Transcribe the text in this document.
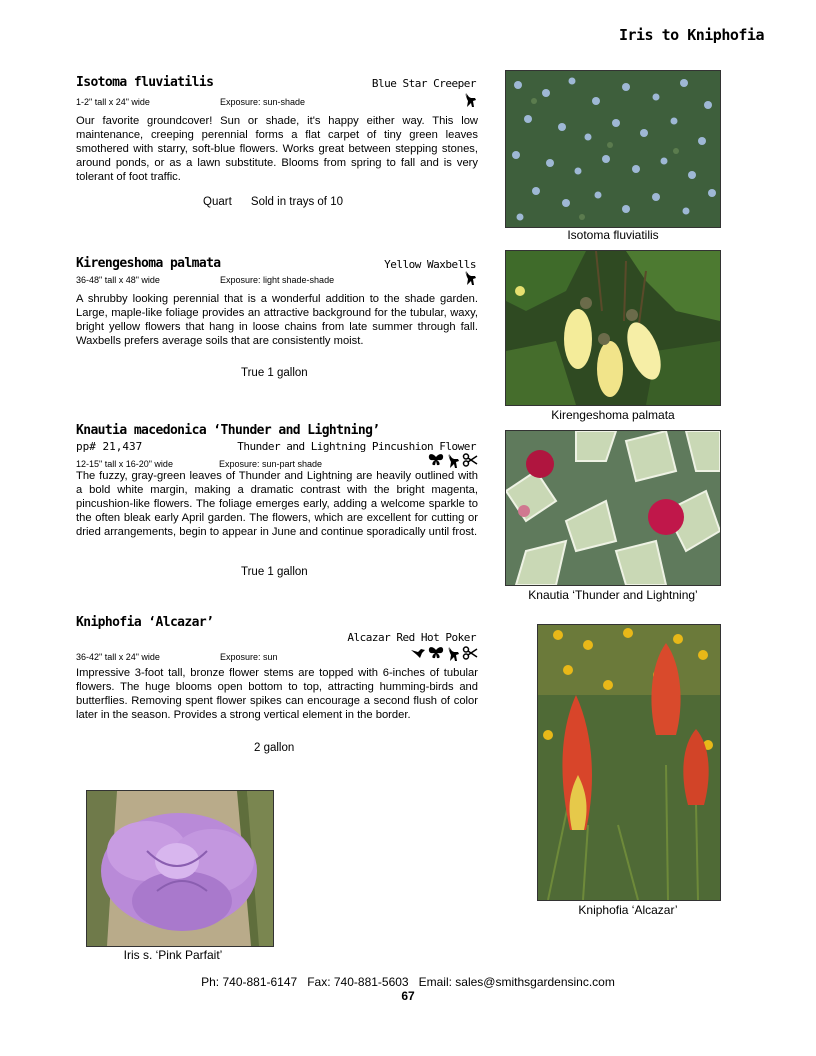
Iris to Kniphofia
Isotoma fluviatilis	Blue Star Creeper
1-2" tall x 24" wide	Exposure: sun-shade
Our favorite groundcover! Sun or shade, it's happy either way. This low maintenance, creeping perennial forms a flat carpet of tiny green leaves smothered with starry, soft-blue flowers. Works great between stepping stones, around ponds, or as a lawn substitute. Blooms from spring to fall and is very tolerant of foot traffic.
Quart      Sold in trays of 10
Isotoma fluviatilis
Kirengeshoma palmata	Yellow Waxbells
36-48" tall x 48" wide	Exposure: light shade-shade
A shrubby looking perennial that is a wonderful addition to the shade garden. Large, maple-like foliage provides an attractive background for the tubular, waxy, bright yellow flowers that hang in loose chains from late summer through fall. Waxbells prefers average soils that are consistently moist.
True 1 gallon
Kirengeshoma palmata
Knautia macedonica ‘Thunder and Lightning’
pp# 21,437	Thunder and Lightning Pincushion Flower
12-15" tall x 16-20" wide	Exposure: sun-part shade
The fuzzy, gray-green leaves of Thunder and Lightning are heavily outlined with a bold white margin, making a dramatic contrast with the bright magenta, pincushion-like flowers. The foliage emerges early, adding a welcome sparkle to the often bleak early April garden. The flowers, which are excellent for cutting or dried arrangements, begin to appear in June and continue sporadically until frost.
True 1 gallon
Knautia ‘Thunder and Lightning’
Kniphofia ‘Alcazar’
Alcazar Red Hot Poker
36-42" tall x 24" wide	Exposure: sun
Impressive 3-foot tall, bronze flower stems are topped with 6-inches of tubular flowers. The huge blooms open bottom to top, attracting humming-birds and butterflies. Removing spent flower spikes can encourage a second flush of color later in the season. Provides a strong vertical element in the border.
2 gallon
Kniphofia ‘Alcazar’
Iris s. ‘Pink Parfait’
Ph: 740-881-6147   Fax: 740-881-5603   Email: sales@smithsgardensinc.com
67
